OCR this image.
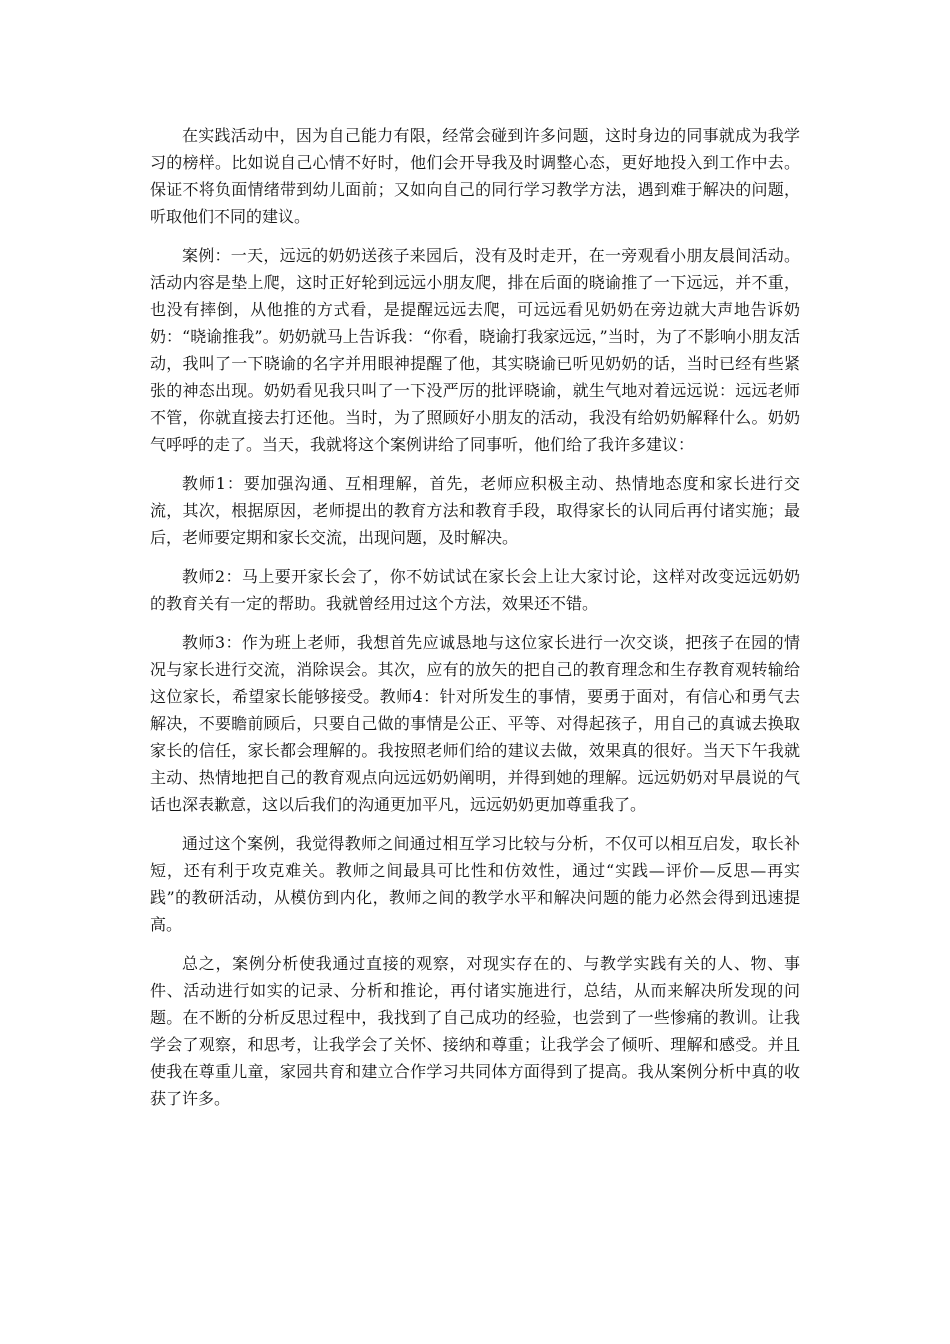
在实践活动中，因为自己能力有限，经常会碰到许多问题，这时身边的同事就成为我学习的榜样。比如说自己心情不好时，他们会开导我及时调整心态，更好地投入到工作中去。保证不将负面情绪带到幼儿面前；又如向自己的同行学习教学方法，遇到难于解决的问题，听取他们不同的建议。

案例：一天，远远的奶奶送孩子来园后，没有及时走开，在一旁观看小朋友晨间活动。活动内容是垫上爬，这时正好轮到远远小朋友爬，排在后面的晓谕推了一下远远，并不重，也没有摔倒，从他推的方式看，是提醒远远去爬，可远远看见奶奶在旁边就大声地告诉奶奶：“晓谕推我”。奶奶就马上告诉我：“你看，晓谕打我家远远，”当时，为了不影响小朋友活动，我叫了一下晓谕的名字并用眼神提醒了他，其实晓谕已听见奶奶的话，当时已经有些紧张的神态出现。奶奶看见我只叫了一下没严厉的批评晓谕，就生气地对着远远说：远远老师不管，你就直接去打还他。当时，为了照顾好小朋友的活动，我没有给奶奶解释什么。奶奶气呼呼的走了。当天，我就将这个案例讲给了同事听，他们给了我许多建议：

教师1：要加强沟通、互相理解，首先，老师应积极主动、热情地态度和家长进行交流，其次，根据原因，老师提出的教育方法和教育手段，取得家长的认同后再付诸实施；最后，老师要定期和家长交流，出现问题，及时解决。

教师2：马上要开家长会了，你不妨试试在家长会上让大家讨论，这样对改变远远奶奶的教育关有一定的帮助。我就曾经用过这个方法，效果还不错。

教师3：作为班上老师，我想首先应诚恳地与这位家长进行一次交谈，把孩子在园的情况与家长进行交流，消除误会。其次，应有的放矢的把自己的教育理念和生存教育观转输给这位家长，希望家长能够接受。教师4：针对所发生的事情，要勇于面对，有信心和勇气去解决，不要瞻前顾后，只要自己做的事情是公正、平等、对得起孩子，用自己的真诚去换取家长的信任，家长都会理解的。我按照老师们给的建议去做，效果真的很好。当天下午我就主动、热情地把自己的教育观点向远远奶奶阐明，并得到她的理解。远远奶奶对早晨说的气话也深表歉意，这以后我们的沟通更加平凡，远远奶奶更加尊重我了。

通过这个案例，我觉得教师之间通过相互学习比较与分析，不仅可以相互启发，取长补短，还有利于攻克难关。教师之间最具可比性和仿效性，通过“实践—评价—反思—再实践”的教研活动，从模仿到内化，教师之间的教学水平和解决问题的能力必然会得到迅速提高。

总之，案例分析使我通过直接的观察，对现实存在的、与教学实践有关的人、物、事件、活动进行如实的记录、分析和推论，再付诸实施进行，总结，从而来解决所发现的问题。在不断的分析反思过程中，我找到了自己成功的经验，也尝到了一些惨痛的教训。让我学会了观察，和思考，让我学会了关怀、接纳和尊重；让我学会了倾听、理解和感受。并且使我在尊重儿童，家园共育和建立合作学习共同体方面得到了提高。我从案例分析中真的收获了许多。
